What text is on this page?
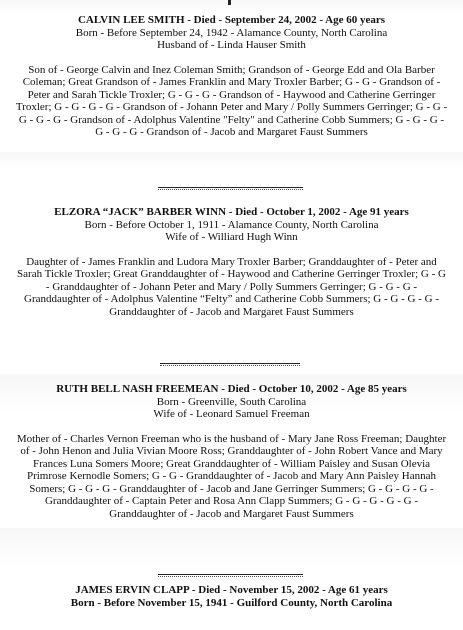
CALVIN LEE SMITH - Died - September 24, 2002 - Age 60 years
Born - Before September 24, 1942 - Alamance County, North Carolina
Husband of - Linda Hauser Smith
Son of - George Calvin and Inez Coleman Smith; Grandson of - George Edd and Ola Barber Coleman; Great Grandson of - James Franklin and Mary Troxler Barber; G - G - Grandson of - Peter and Sarah Tickle Troxler; G - G - G - Grandson of - Haywood and Catherine Gerringer Troxler; G - G - G - G - Grandson of - Johann Peter and Mary / Polly Summers Gerringer; G - G - G - G - G - Grandson of - Adolphus Valentine "Felty" and Catherine Cobb Summers; G - G - G - G - G - G - Grandson of - Jacob and Margaret Faust Summers
ELZORA “JACK” BARBER WINN - Died - October 1, 2002 - Age 91 years
Born - Before October 1, 1911 - Alamance County, North Carolina
Wife of - Williard Hugh Winn
Daughter of - James Franklin and Ludora Mary Troxler Barber; Granddaughter of - Peter and Sarah Tickle Troxler; Great Granddaughter of - Haywood and Catherine Gerringer Troxler; G - G - Granddaughter of - Johann Peter and Mary / Polly Summers Gerringer; G - G - G - Granddaughter of - Adolphus Valentine “Felty” and Catherine Cobb Summers; G - G - G - G - Granddaughter of - Jacob and Margaret Faust Summers
RUTH BELL NASH FREEMEAN - Died - October 10, 2002 - Age 85 years
Born - Greenville, South Carolina
Wife of - Leonard Samuel Freeman
Mother of - Charles Vernon Freeman who is the husband of - Mary Jane Ross Freeman; Daughter of - John Henon and Julia Vivian Moore Ross; Granddaughter of - John Robert Vance and Mary Frances Luna Somers Moore; Great Granddaughter of - William Paisley and Susan Olevia Primrose Kernodle Somers; G - G - Granddaughter of - Jacob and Mary Ann Paisley Hannah Somers; G - G - G - Granddaughter of - Jacob and Jane Gerringer Summers; G - G - G - G - Granddaughter of - Captain Peter and Rosa Ann Clapp Summers; G - G - G - G - G - Granddaughter of - Jacob and Margaret Faust Summers
JAMES ERVIN CLAPP - Died - November 15, 2002 - Age 61 years
Born - Before November 15, 1941 - Guilford County, North Carolina
